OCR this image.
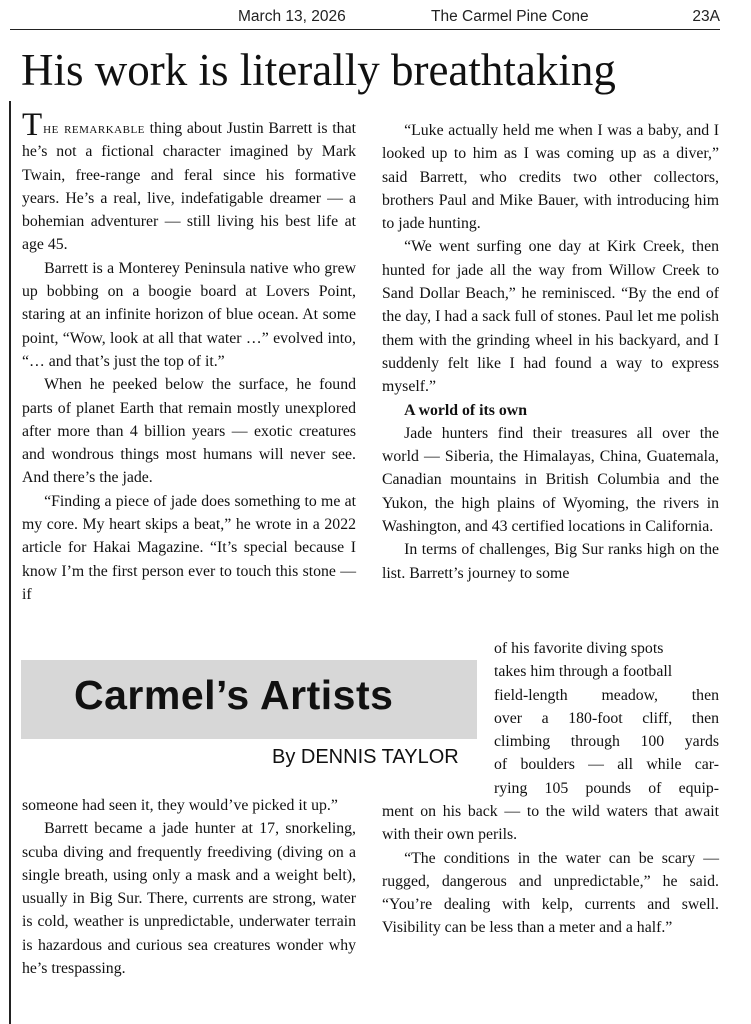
March 13, 2026	The Carmel Pine Cone	23A
His work is literally breathtaking

The remarkable thing about Justin Barrett is that he’s not a fictional character imagined by Mark Twain, free-range and feral since his formative years. He’s a real, live, indefatigable dreamer — a bohemian adventurer — still living his best life at age 45.

Barrett is a Monterey Peninsula native who grew up bobbing on a boogie board at Lovers Point, staring at an infinite horizon of blue ocean. At some point, “Wow, look at all that water …” evolved into, “… and that’s just the top of it.”

When he peeked below the surface, he found parts of planet Earth that remain mostly unexplored after more than 4 billion years — exotic creatures and wondrous things most humans will never see. And there’s the jade.

“Finding a piece of jade does something to me at my core. My heart skips a beat,” he wrote in a 2022 article for Hakai Magazine. “It’s special because I know I’m the first person ever to touch this stone — if

Carmel’s Artists
By DENNIS TAYLOR

someone had seen it, they would’ve picked it up.”

Barrett became a jade hunter at 17, snorkeling, scuba diving and frequently freediving (diving on a single breath, using only a mask and a weight belt), usually in Big Sur. There, currents are strong, water is cold, weather is unpredictable, underwater terrain is hazardous and curious sea creatures wonder why he’s trespassing.

“Luke actually held me when I was a baby, and I looked up to him as I was coming up as a diver,” said Barrett, who credits two other collectors, brothers Paul and Mike Bauer, with introducing him to jade hunting.

“We went surfing one day at Kirk Creek, then hunted for jade all the way from Willow Creek to Sand Dollar Beach,” he reminisced. “By the end of the day, I had a sack full of stones. Paul let me polish them with the grinding wheel in his backyard, and I suddenly felt like I had found a way to express myself.”

A world of its own

Jade hunters find their treasures all over the world — Siberia, the Himalayas, China, Guatemala, Canadian mountains in British Columbia and the Yukon, the high plains of Wyoming, the rivers in Washington, and 43 certified locations in California.

In terms of challenges, Big Sur ranks high on the list. Barrett’s journey to some

of his favorite diving spots

takes him through a football

field-length meadow, then

over a 180-foot cliff, then

climbing through 100 yards

of boulders — all while car-

rying 105 pounds of equip-

ment on his back — to the wild waters that await with their own perils.

“The conditions in the water can be scary — rugged, dangerous and unpredictable,” he said. “You’re dealing with kelp, currents and swell. Visibility can be less than a meter and a half.”
